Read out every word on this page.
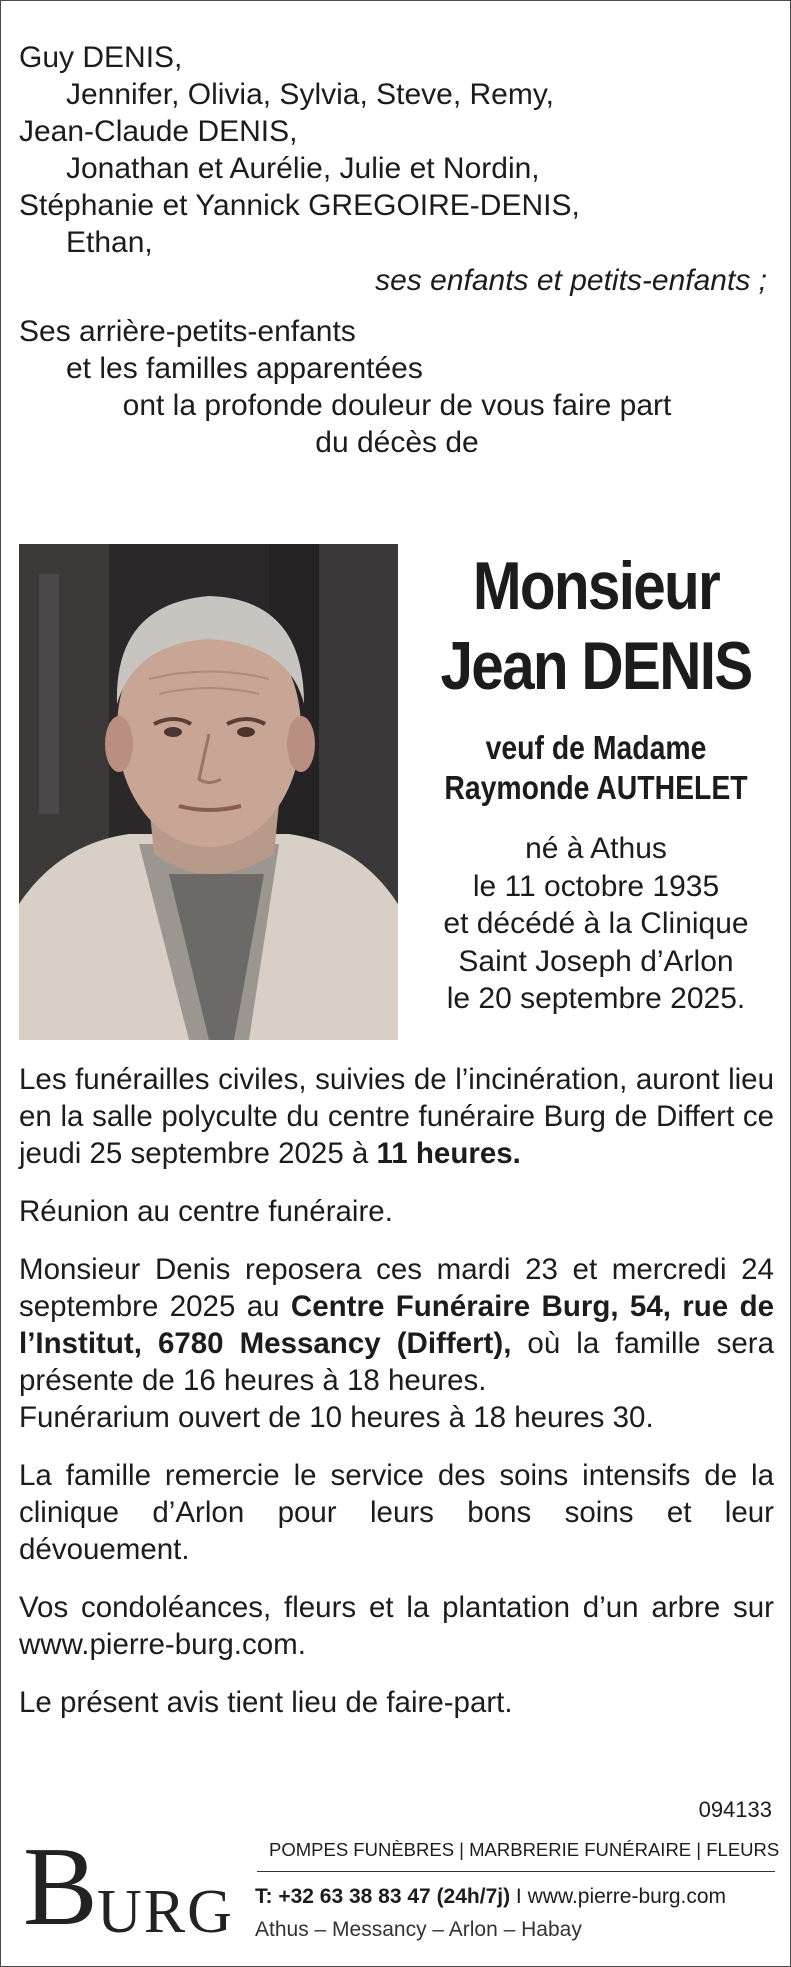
Guy DENIS,
Jennifer, Olivia, Sylvia, Steve, Remy,
Jean-Claude DENIS,
Jonathan et Aurélie, Julie et Nordin,
Stéphanie et Yannick GREGOIRE-DENIS,
Ethan,
ses enfants et petits-enfants ;
Ses arrière-petits-enfants
et les familles apparentées
ont la profonde douleur de vous faire part
du décès de
Monsieur
Jean DENIS
veuf de Madame
Raymonde AUTHELET
né à Athus
le 11 octobre 1935
et décédé à la Clinique
Saint Joseph d’Arlon
le 20 septembre 2025.

Les funérailles civiles, suivies de l’incinération, auront lieu en la salle polyculte du centre funéraire Burg de Differt ce jeudi 25 septembre 2025 à 11 heures.

Réunion au centre funéraire.

Monsieur Denis reposera ces mardi 23 et mercredi 24 septembre 2025 au Centre Funéraire Burg, 54, rue de l’Institut, 6780 Messancy (Differt), où la famille sera présente de 16 heures à 18 heures.

Funérarium ouvert de 10 heures à 18 heures 30.

La famille remercie le service des soins intensifs de la clinique d’Arlon pour leurs bons soins et leur dévouement.

Vos condoléances, fleurs et la plantation d’un arbre sur www.pierre-burg.com.

Le présent avis tient lieu de faire-part.

094133
B URG
POMPES FUNÈBRES | MARBRERIE FUNÉRAIRE | FLEURS
T: +32 63 38 83 47 (24h/7j) I www.pierre-burg.com
Athus – Messancy – Arlon – Habay
